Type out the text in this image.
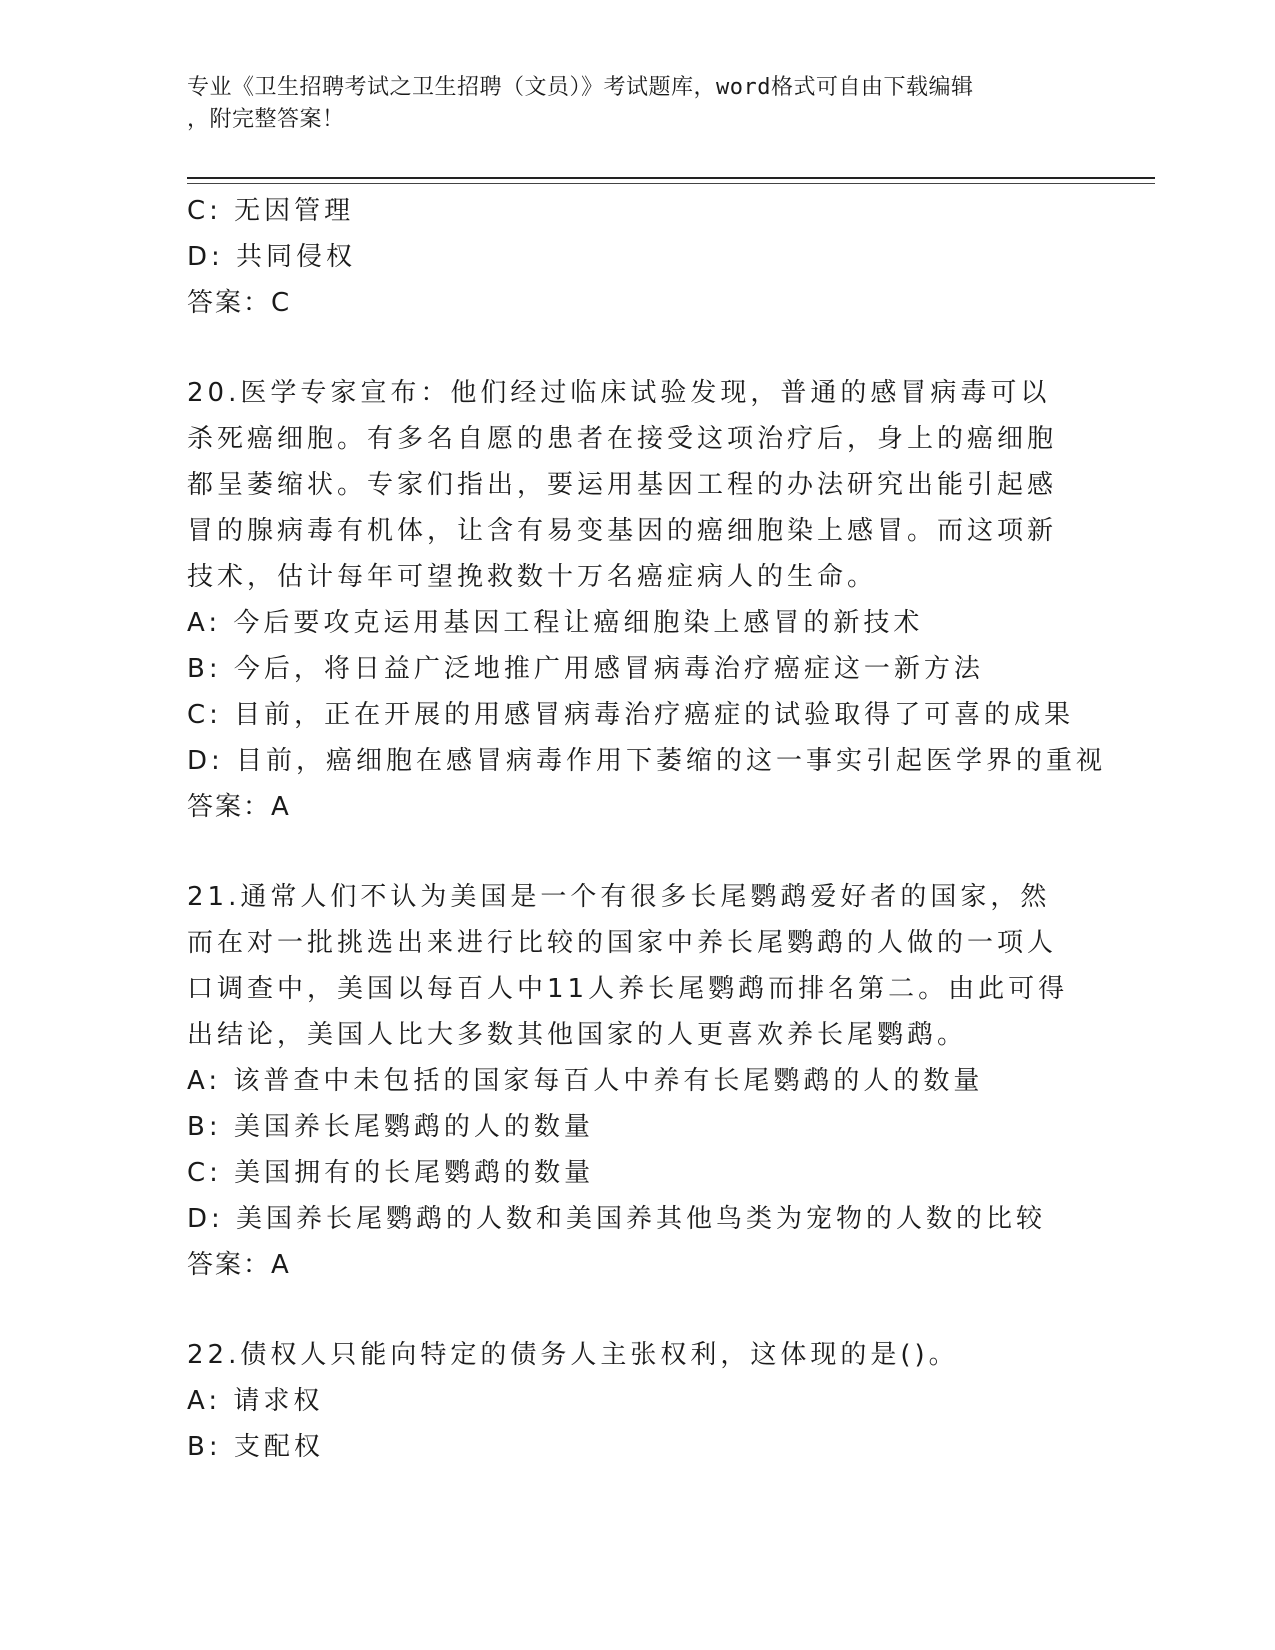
专业《卫生招聘考试之卫生招聘（文员）》考试题库，word格式可自由下载编辑
，附完整答案！
C: 无因管理
D: 共同侵权
答案：C
20.医学专家宣布：他们经过临床试验发现，普通的感冒病毒可以杀死癌细胞。有多名自愿的患者在接受这项治疗后，身上的癌细胞都呈萎缩状。专家们指出，要运用基因工程的办法研究出能引起感冒的腺病毒有机体，让含有易变基因的癌细胞染上感冒。而这项新技术，估计每年可望挽救数十万名癌症病人的生命。
A: 今后要攻克运用基因工程让癌细胞染上感冒的新技术
B: 今后，将日益广泛地推广用感冒病毒治疗癌症这一新方法
C: 目前，正在开展的用感冒病毒治疗癌症的试验取得了可喜的成果
D: 目前，癌细胞在感冒病毒作用下萎缩的这一事实引起医学界的重视
答案：A
21.通常人们不认为美国是一个有很多长尾鹦鹉爱好者的国家，然而在对一批挑选出来进行比较的国家中养长尾鹦鹉的人做的一项人口调查中，美国以每百人中11人养长尾鹦鹉而排名第二。由此可得出结论，美国人比大多数其他国家的人更喜欢养长尾鹦鹉。
A: 该普查中未包括的国家每百人中养有长尾鹦鹉的人的数量
B: 美国养长尾鹦鹉的人的数量
C: 美国拥有的长尾鹦鹉的数量
D: 美国养长尾鹦鹉的人数和美国养其他鸟类为宠物的人数的比较
答案：A
22.债权人只能向特定的债务人主张权利，这体现的是()。
A: 请求权
B: 支配权
